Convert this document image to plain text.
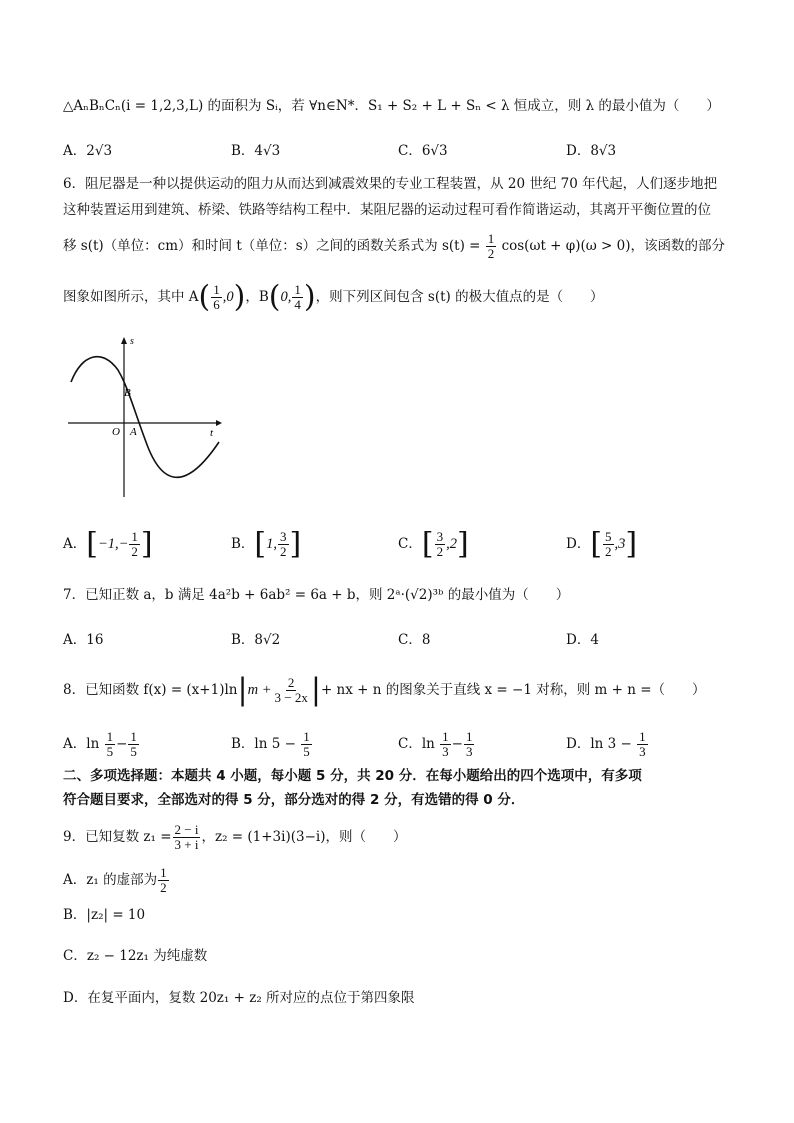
△AₙBₙCₙ(i = 1,2,3,L) 的面积为 Sᵢ，若 ∀n∈N*．S₁ + S₂ + L + Sₙ < λ 恒成立，则 λ 的最小值为（　　）
A．2√3	B．4√3	C．6√3	D．8√3
6．阻尼器是一种以提供运动的阻力从而达到减震效果的专业工程装置，从 20 世纪 70 年代起，人们逐步地把
这种装置运用到建筑、桥梁、铁路等结构工程中．某阻尼器的运动过程可看作简谐运动，其离开平衡位置的位
移 s(t)（单位：cm）和时间 t（单位：s）之间的函数关系式为 $s(t) = \frac{1}{2} \cos(\omega t + \varphi)(\omega > 0)$，该函数的部分
图象如图所示，其中 $A( \frac{1}{6} ,0)$，B(0, $\frac{1}{4}$ )，则下列区间包含 s(t) 的极大值点的是（　　）
s
t
O A
B
A．[$-1,- \frac{1}{2}$ ]	B．[1, $\frac{3}{2}$ ]	C．[ $\frac{3}{2} ,2$]	D．[ $\frac{5}{2} ,3$]
7．已知正数 a，b 满足 4a²b + 6ab² = 6a + b，则 2ᵃ·(√2)³ᵇ 的最小值为（　　）
A．16	B．8√2	C．8	D．4
8．已知函数 $f(x) = (x+1)\ln|m + \frac{2}{3 - 2x}$ |+ nx + n 的图象关于直线 x = −1 对称，则 m + n =（　　）
A．$\ln \frac{1}{5} - \frac{1}{5}$	B．$\ln 5 - \frac{1}{5}$	C．$\ln \frac{1}{3} - \frac{1}{3}$	D．$\ln 3 - \frac{1}{3}$
二、多项选择题：本题共 4 小题，每小题 5 分，共 20 分．在每小题给出的四个选项中，有多项
符合题目要求，全部选对的得 5 分，部分选对的得 2 分，有选错的得 0 分．
9．已知复数 $z_1 = \frac{2 - i}{3 + i}$ ，z₂ = (1+3i)(3−i)，则（　　）
A．z₁ 的虚部为 $\frac{1}{2}$
B．|z₂| = 10
C．z₂ − 12z₁ 为纯虚数
D．在复平面内，复数 20z₁ + z₂ 所对应的点位于第四象限
